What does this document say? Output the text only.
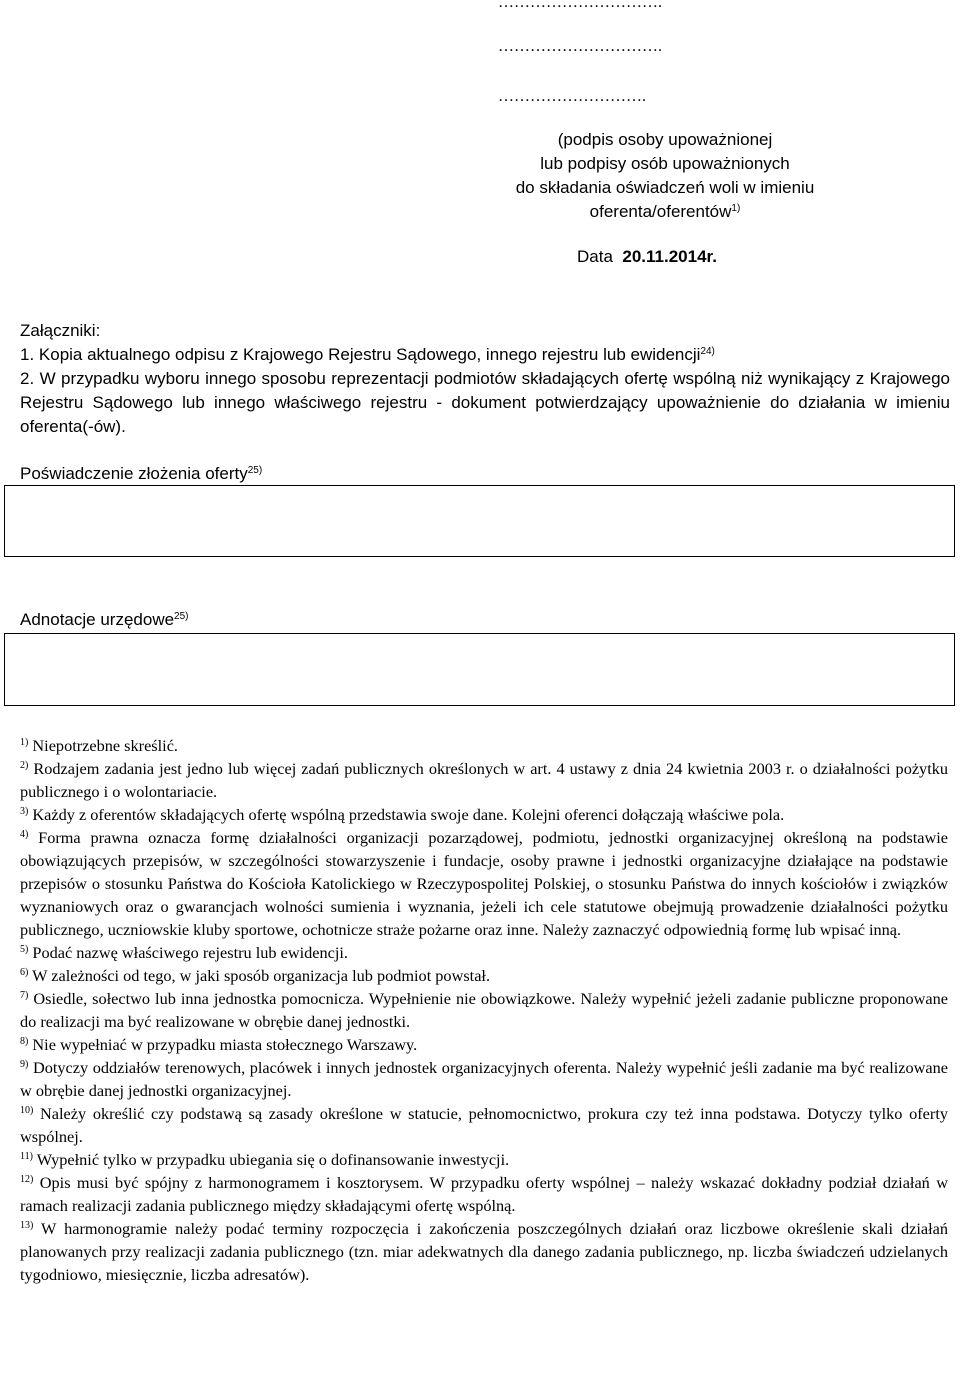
………………………….
………………………….
……………………….
(podpis osoby upoważnionej
lub podpisy osób upoważnionych
do składania oświadczeń woli w imieniu
oferenta/oferentów$^{1)}$
Data 20.11.2014r.
Załączniki:
1. Kopia aktualnego odpisu z Krajowego Rejestru Sądowego, innego rejestru lub ewidencji$^{24)}$
2. W przypadku wyboru innego sposobu reprezentacji podmiotów składających ofertę wspólną niż wynikający z Krajowego Rejestru Sądowego lub innego właściwego rejestru - dokument potwierdzający upoważnienie do działania w imieniu oferenta(-ów).
Poświadczenie złożenia oferty$^{25)}$
Adnotacje urzędowe$^{25)}$

$^{1)}$ Niepotrzebne skreślić.

$^{2)}$ Rodzajem zadania jest jedno lub więcej zadań publicznych określonych w art. 4 ustawy z dnia 24 kwietnia 2003 r. o działalności pożytku publicznego i o wolontariacie.

$^{3)}$ Każdy z oferentów składających ofertę wspólną przedstawia swoje dane. Kolejni oferenci dołączają właściwe pola.

$^{4)}$ Forma prawna oznacza formę działalności organizacji pozarządowej, podmiotu, jednostki organizacyjnej określoną na podstawie obowiązujących przepisów, w szczególności stowarzyszenie i fundacje, osoby prawne i jednostki organizacyjne działające na podstawie przepisów o stosunku Państwa do Kościoła Katolickiego w Rzeczypospolitej Polskiej, o stosunku Państwa do innych kościołów i związków wyznaniowych oraz o gwarancjach wolności sumienia i wyznania, jeżeli ich cele statutowe obejmują prowadzenie działalności pożytku publicznego, uczniowskie kluby sportowe, ochotnicze straże pożarne oraz inne. Należy zaznaczyć odpowiednią formę lub wpisać inną.

$^{5)}$ Podać nazwę właściwego rejestru lub ewidencji.

$^{6)}$ W zależności od tego, w jaki sposób organizacja lub podmiot powstał.

$^{7)}$ Osiedle, sołectwo lub inna jednostka pomocnicza. Wypełnienie nie obowiązkowe. Należy wypełnić jeżeli zadanie publiczne proponowane do realizacji ma być realizowane w obrębie danej jednostki.

$^{8)}$ Nie wypełniać w przypadku miasta stołecznego Warszawy.

$^{9)}$ Dotyczy oddziałów terenowych, placówek i innych jednostek organizacyjnych oferenta. Należy wypełnić jeśli zadanie ma być realizowane w obrębie danej jednostki organizacyjnej.

$^{10)}$ Należy określić czy podstawą są zasady określone w statucie, pełnomocnictwo, prokura czy też inna podstawa. Dotyczy tylko oferty wspólnej.

$^{11)}$ Wypełnić tylko w przypadku ubiegania się o dofinansowanie inwestycji.

$^{12)}$ Opis musi być spójny z harmonogramem i kosztorysem. W przypadku oferty wspólnej – należy wskazać dokładny podział działań w ramach realizacji zadania publicznego między składającymi ofertę wspólną.

$^{13)}$ W harmonogramie należy podać terminy rozpoczęcia i zakończenia poszczególnych działań oraz liczbowe określenie skali działań planowanych przy realizacji zadania publicznego (tzn. miar adekwatnych dla danego zadania publicznego, np. liczba świadczeń udzielanych tygodniowo, miesięcznie, liczba adresatów).
